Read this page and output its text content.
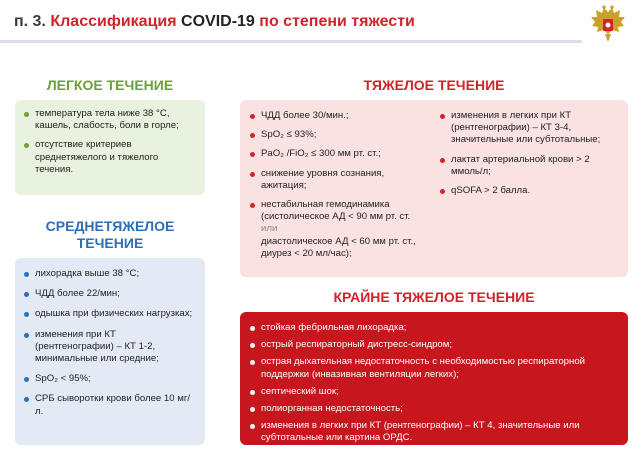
п. 3. Классификация COVID-19 по степени тяжести
ЛЕГКОЕ ТЕЧЕНИЕ
температура тела ниже 38 °С, кашель, слабость, боли в горле;
отсутствие критериев среднетяжелого и тяжелого течения.
СРЕДНЕТЯЖЕЛОЕ
ТЕЧЕНИЕ
лихорадка выше 38 °С;
ЧДД более 22/мин;
одышка при физических нагрузках;
изменения при КТ (рентгенографии) – КТ 1-2, минимальные или средние;
SpO₂ < 95%;
СРБ сыворотки крови более 10 мг/л.
ТЯЖЕЛОЕ ТЕЧЕНИЕ
ЧДД более 30/мин.;
SpO₂ ≤ 93%;
PaO₂ /FiO₂ ≤ 300 мм рт. ст.;
снижение уровня сознания, ажитация;
нестабильная гемодинамика (систолическое АД < 90 мм рт. ст.
или
диастолическое АД < 60 мм рт. ст., диурез < 20 мл/час);
изменения в легких при КТ (рентгенографии) – КТ 3-4, значительные или субтотальные;
лактат артериальной крови > 2 ммоль/л;
qSOFA > 2 балла.
КРАЙНЕ ТЯЖЕЛОЕ ТЕЧЕНИЕ
стойкая фебрильная лихорадка;
острый респираторный дистресс-синдром;
острая дыхательная недостаточность с необходимостью респираторной поддержки (инвазивная вентиляции легких);
септический шок;
полиорганная недостаточность;
изменения в легких при КТ (рентгенографии) – КТ 4, значительные или субтотальные или картина ОРДС.
